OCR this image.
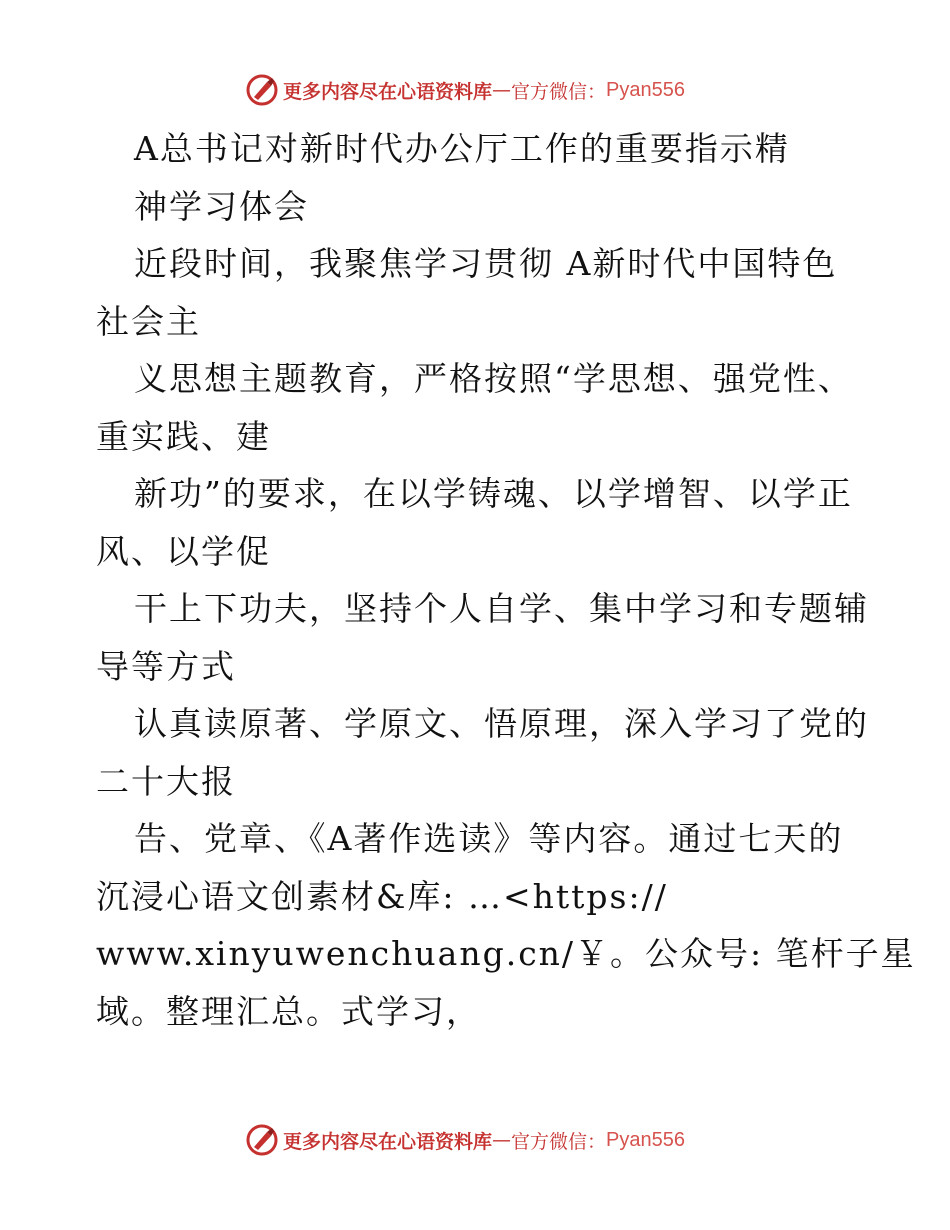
更多内容尽在心语资料库 — 官方微信： Pyan556
A总书记对新时代办公厅工作的重要指示精
神学习体会
近段时间，我聚焦学习贯彻 A新时代中国特色
社会主
义思想主题教育，严格按照“学思想、强党性、
重实践、建
新功”的要求，在以学铸魂、以学增智、以学正
风、以学促
干上下功夫，坚持个人自学、集中学习和专题辅
导等方式
认真读原著、学原文、悟原理，深入学习了党的
二十大报
告、党章、《A著作选读》等内容。通过七天的
沉浸心语文创素材&库: …<https://
www.xinyuwenchuang.cn/￥。公众号: 笔杆子星
域。整理汇总。式学习，
更多内容尽在心语资料库 — 官方微信： Pyan556
